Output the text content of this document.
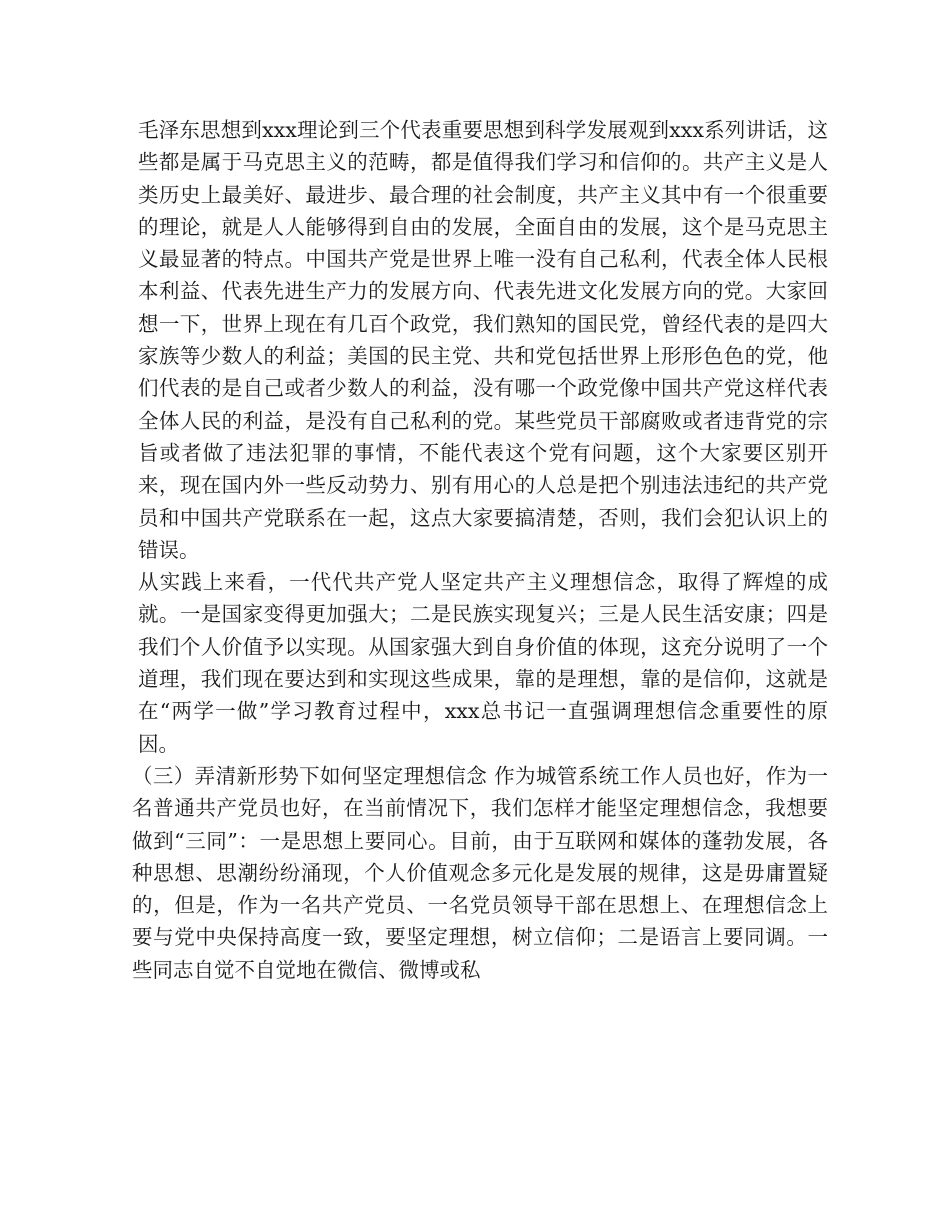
毛泽东思想到xxx理论到三个代表重要思想到科学发展观到xxx系列讲话，这些都是属于马克思主义的范畴，都是值得我们学习和信仰的。共产主义是人类历史上最美好、最进步、最合理的社会制度，共产主义其中有一个很重要的理论，就是人人能够得到自由的发展，全面自由的发展，这个是马克思主义最显著的特点。中国共产党是世界上唯一没有自己私利，代表全体人民根本利益、代表先进生产力的发展方向、代表先进文化发展方向的党。大家回想一下，世界上现在有几百个政党，我们熟知的国民党，曾经代表的是四大家族等少数人的利益；美国的民主党、共和党包括世界上形形色色的党，他们代表的是自己或者少数人的利益，没有哪一个政党像中国共产党这样代表全体人民的利益，是没有自己私利的党。某些党员干部腐败或者违背党的宗旨或者做了违法犯罪的事情，不能代表这个党有问题，这个大家要区别开来，现在国内外一些反动势力、别有用心的人总是把个别违法违纪的共产党员和中国共产党联系在一起，这点大家要搞清楚，否则，我们会犯认识上的错误。

从实践上来看，一代代共产党人坚定共产主义理想信念，取得了辉煌的成就。一是国家变得更加强大；二是民族实现复兴；三是人民生活安康；四是我们个人价值予以实现。从国家强大到自身价值的体现，这充分说明了一个道理，我们现在要达到和实现这些成果，靠的是理想，靠的是信仰，这就是在“两学一做”学习教育过程中，xxx总书记一直强调理想信念重要性的原因。

（三）弄清新形势下如何坚定理想信念 作为城管系统工作人员也好，作为一名普通共产党员也好，在当前情况下，我们怎样才能坚定理想信念，我想要做到“三同”：一是思想上要同心。目前，由于互联网和媒体的蓬勃发展，各种思想、思潮纷纷涌现，个人价值观念多元化是发展的规律，这是毋庸置疑的，但是，作为一名共产党员、一名党员领导干部在思想上、在理想信念上要与党中央保持高度一致，要坚定理想，树立信仰；二是语言上要同调。一些同志自觉不自觉地在微信、微博或私
